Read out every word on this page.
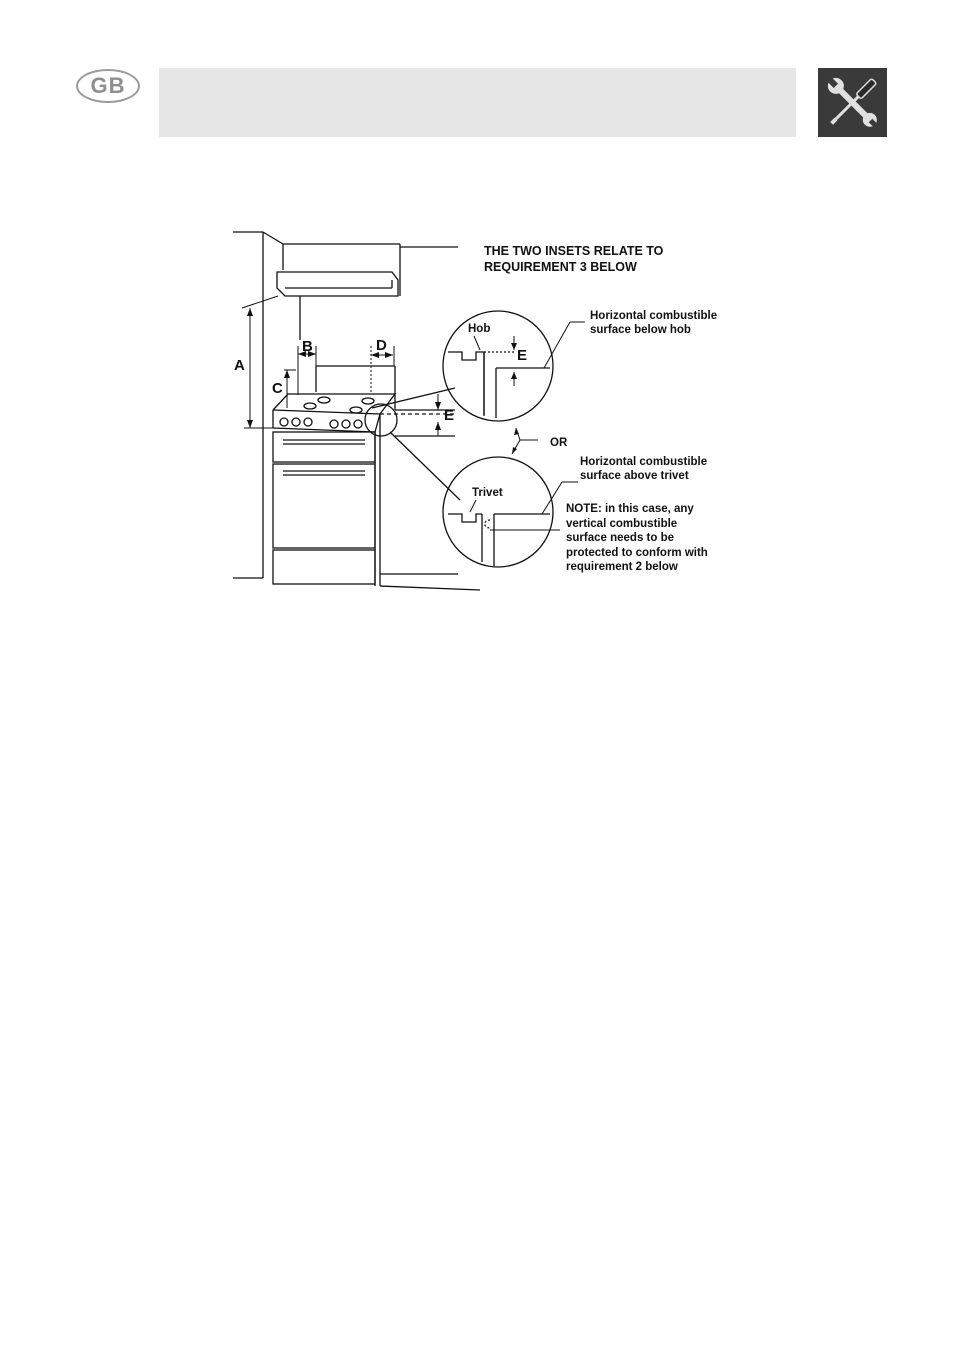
GB
THE TWO INSETS RELATE TO
REQUIREMENT 3 BELOW
A
B
C
D
E
Hob
E
Horizontal combustible
surface below hob
OR
Trivet
Horizontal combustible
surface above trivet
NOTE: in this case, any
vertical combustible
surface needs to be
protected to conform with
requirement 2 below
